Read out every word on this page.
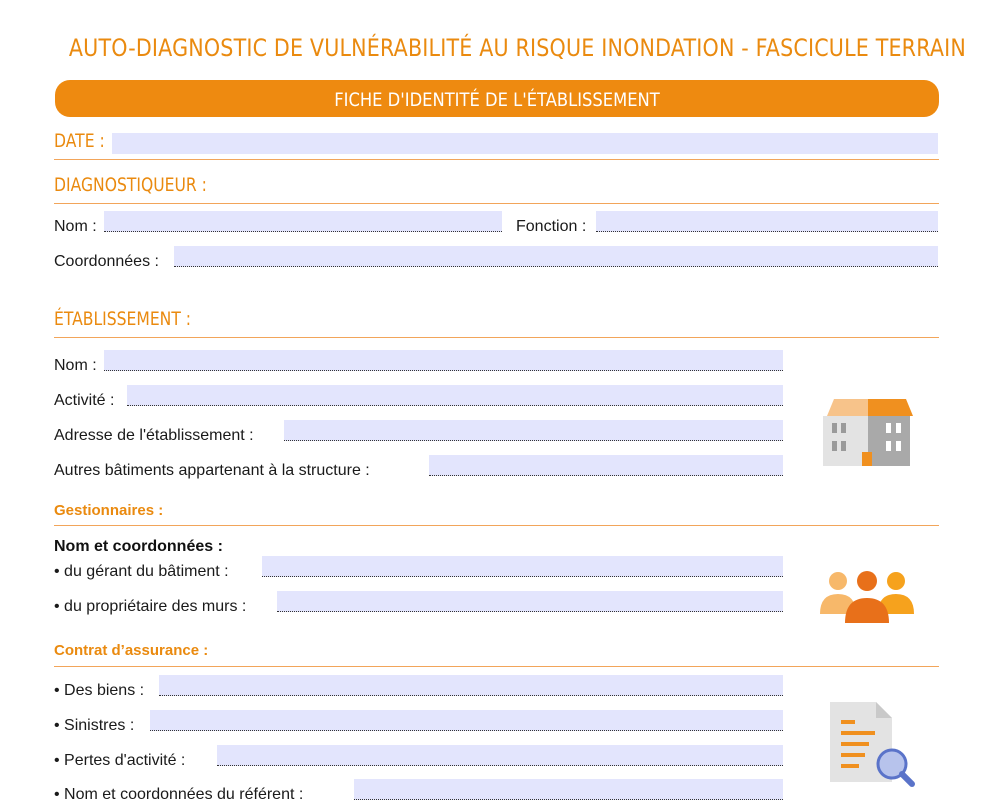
AUTO-DIAGNOSTIC DE VULNÉRABILITÉ AU RISQUE INONDATION - FASCICULE TERRAIN
FICHE D'IDENTITÉ DE L'ÉTABLISSEMENT
DATE :
DIAGNOSTIQUEUR :
Nom :	Fonction :
Coordonnées :
ÉTABLISSEMENT :
Nom :
Activité :
Adresse de l'établissement :
Autres bâtiments appartenant à la structure :
Gestionnaires :
Nom et coordonnées :
• du gérant du bâtiment :
• du propriétaire des murs :
Contrat d’assurance :
• Des biens :
• Sinistres :
• Pertes d'activité :
• Nom et coordonnées du référent :
